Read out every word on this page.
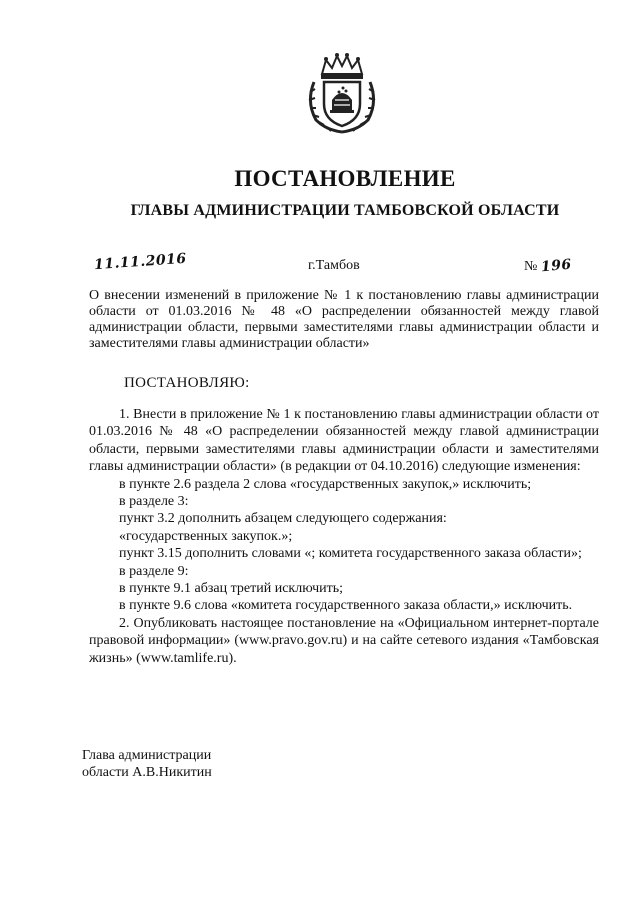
ПОСТАНОВЛЕНИЕ
ГЛАВЫ АДМИНИСТРАЦИИ ТАМБОВСКОЙ ОБЛАСТИ
11.11.2016	г.Тамбов	№ 196
О внесении изменений в приложение № 1 к постановлению главы администрации области от 01.03.2016 № 48 «О распределении обязанностей между главой администрации области, первыми заместителями главы администрации области и заместителями главы администрации области»
ПОСТАНОВЛЯЮ:

1. Внести в приложение № 1 к постановлению главы администрации области от 01.03.2016 № 48 «О распределении обязанностей между главой администрации области, первыми заместителями главы администрации области и заместителями главы администрации области» (в редакции от 04.10.2016) следующие изменения:

в пункте 2.6 раздела 2 слова «государственных закупок,» исключить;

в разделе 3:

пункт 3.2 дополнить абзацем следующего содержания:

«государственных закупок.»;

пункт 3.15 дополнить словами «; комитета государственного заказа области»;

в разделе 9:

в пункте 9.1 абзац третий исключить;

в пункте 9.6 слова «комитета государственного заказа области,» исключить.

2. Опубликовать настоящее постановление на «Официальном интернет-портале правовой информации» (www.pravo.gov.ru) и на сайте сетевого издания «Тамбовская жизнь» (www.tamlife.ru).

Глава администрации
области А.В.Никитин
